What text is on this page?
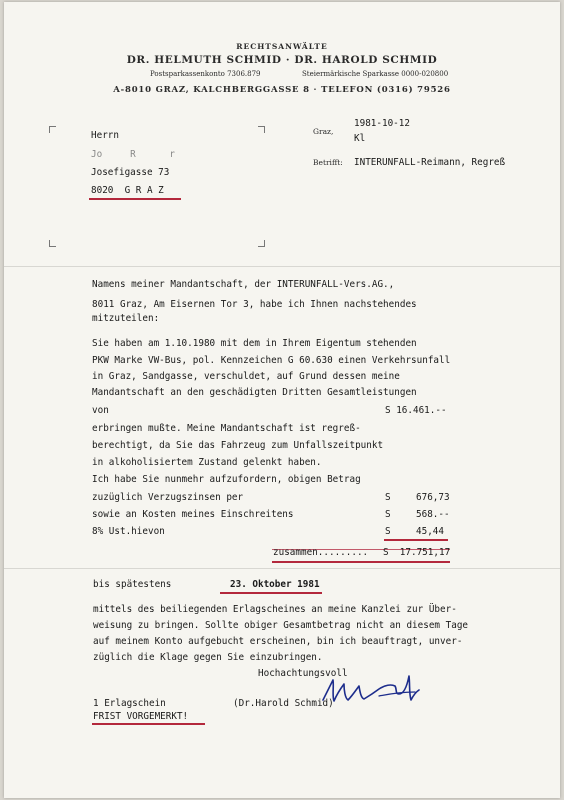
RECHTSANWÄLTE
DR. HELMUTH SCHMID · DR. HAROLD SCHMID
Postsparkassenkonto 7306.879	Steiermärkische Sparkasse 0000-020800
A-8010 GRAZ, KALCHBERGGASSE 8 · TELEFON (0316) 79526
Herrn
Jo     R      r
Josefigasse 73
8020  G R A Z
Graz,
1981-10-12
Kl
Betrifft: INTERUNFALL-Reimann, Regreß
Namens meiner Mandantschaft, der INTERUNFALL-Vers.AG.,
8011 Graz, Am Eisernen Tor 3, habe ich Ihnen nachstehendes
mitzuteilen:
Sie haben am 1.10.1980 mit dem in Ihrem Eigentum stehenden
PKW Marke VW-Bus, pol. Kennzeichen G 60.630 einen Verkehrsunfall
in Graz, Sandgasse, verschuldet, auf Grund dessen meine
Mandantschaft an den geschädigten Dritten Gesamtleistungen
von	S 16.461.--
erbringen mußte. Meine Mandantschaft ist regreß-
berechtigt, da Sie das Fahrzeug zum Unfallszeitpunkt
in alkoholisiertem Zustand gelenkt haben.
Ich habe Sie nunmehr aufzufordern, obigen Betrag
zuzüglich Verzugszinsen per	S	676,73
sowie an Kosten meines Einschreitens	S	568.--
8% Ust.hievon	S	45,44
zusammen......... S  17.751,17
bis spätestens	23. Oktober 1981
mittels des beiliegenden Erlagscheines an meine Kanzlei zur Über-
weisung zu bringen. Sollte obiger Gesamtbetrag nicht an diesem Tage
auf meinem Konto aufgebucht erscheinen, bin ich beauftragt, unver-
züglich die Klage gegen Sie einzubringen.
Hochachtungsvoll
1 Erlagschein
FRIST VORGEMERKT!
(Dr.Harold Schmid)
